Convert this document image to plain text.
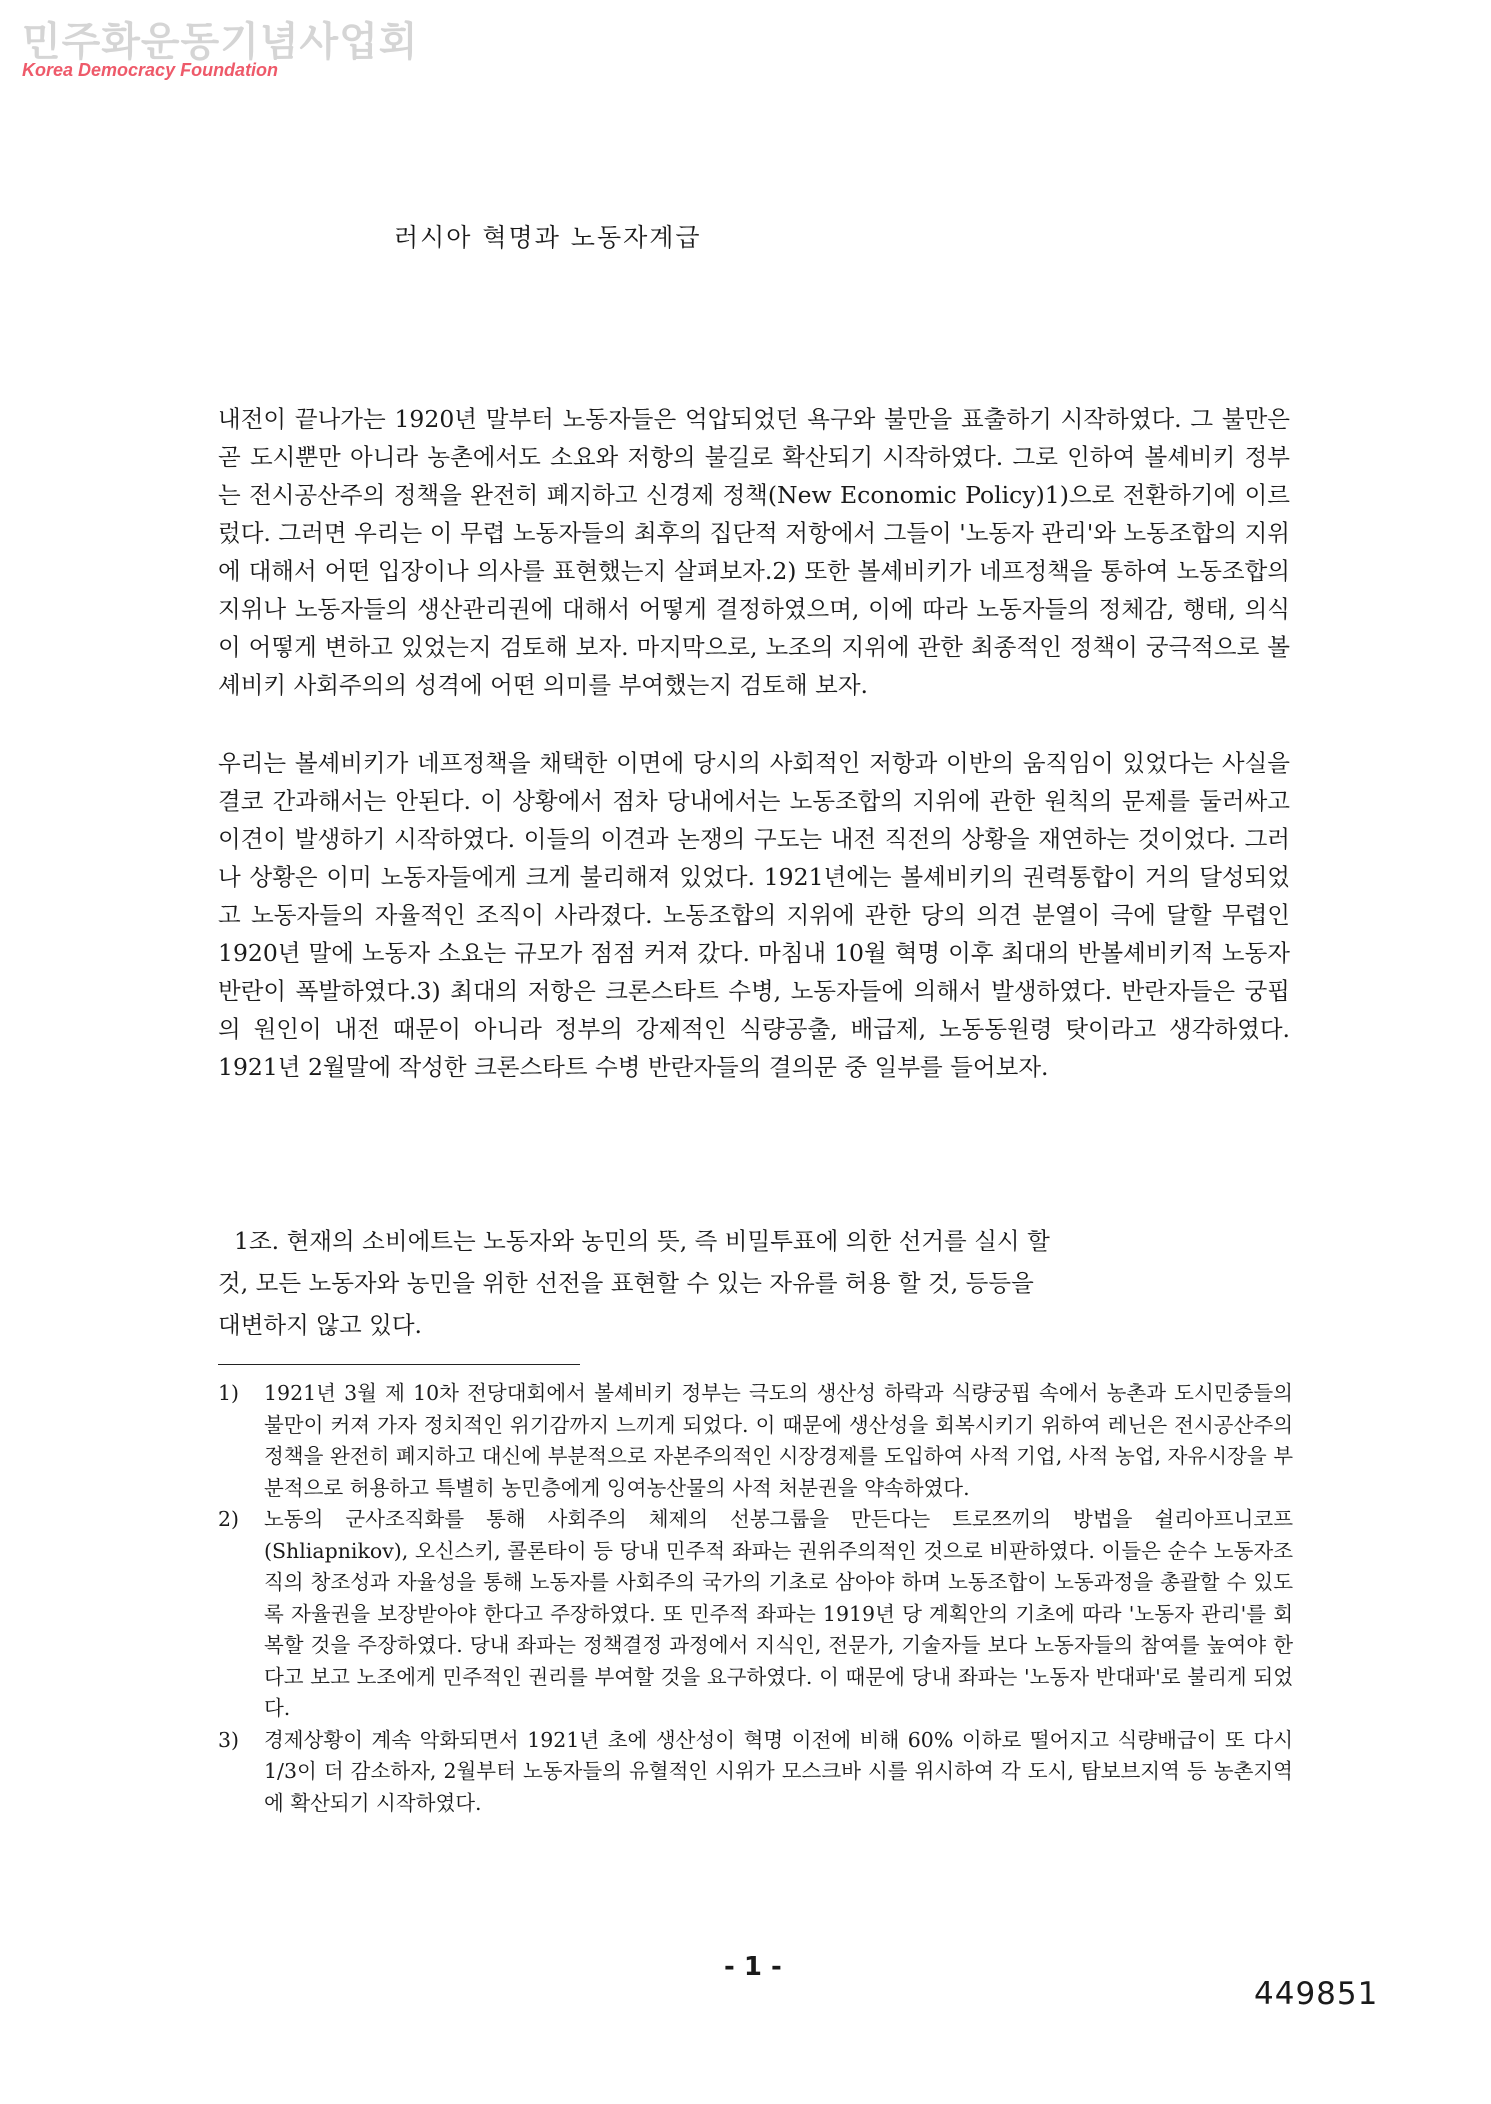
민주화운동기념사업회
Korea Democracy Foundation
러시아 혁명과 노동자계급

내전이 끝나가는 1920년 말부터 노동자들은 억압되었던 욕구와 불만을 표출하기 시작하였다. 그 불만은 곧 도시뿐만 아니라 농촌에서도 소요와 저항의 불길로 확산되기 시작하였다. 그로 인하여 볼셰비키 정부는 전시공산주의 정책을 완전히 폐지하고 신경제 정책(New Economic Policy)1)으로 전환하기에 이르렀다. 그러면 우리는 이 무렵 노동자들의 최후의 집단적 저항에서 그들이 '노동자 관리'와 노동조합의 지위에 대해서 어떤 입장이나 의사를 표현했는지 살펴보자.2) 또한 볼셰비키가 네프정책을 통하여 노동조합의 지위나 노동자들의 생산관리권에 대해서 어떻게 결정하였으며, 이에 따라 노동자들의 정체감, 행태, 의식이 어떻게 변하고 있었는지 검토해 보자. 마지막으로, 노조의 지위에 관한 최종적인 정책이 궁극적으로 볼셰비키 사회주의의 성격에 어떤 의미를 부여했는지 검토해 보자.

우리는 볼셰비키가 네프정책을 채택한 이면에 당시의 사회적인 저항과 이반의 움직임이 있었다는 사실을 결코 간과해서는 안된다. 이 상황에서 점차 당내에서는 노동조합의 지위에 관한 원칙의 문제를 둘러싸고 이견이 발생하기 시작하였다. 이들의 이견과 논쟁의 구도는 내전 직전의 상황을 재연하는 것이었다. 그러나 상황은 이미 노동자들에게 크게 불리해져 있었다. 1921년에는 볼셰비키의 권력통합이 거의 달성되었고 노동자들의 자율적인 조직이 사라졌다. 노동조합의 지위에 관한 당의 의견 분열이 극에 달할 무렵인 1920년 말에 노동자 소요는 규모가 점점 커져 갔다. 마침내 10월 혁명 이후 최대의 반볼셰비키적 노동자 반란이 폭발하였다.3) 최대의 저항은 크론스타트 수병, 노동자들에 의해서 발생하였다. 반란자들은 궁핍의 원인이 내전 때문이 아니라 정부의 강제적인 식량공출, 배급제, 노동동원령 탓이라고 생각하였다. 1921년 2월말에 작성한 크론스타트 수병 반란자들의 결의문 중 일부를 들어보자.

1조. 현재의 소비에트는 노동자와 농민의 뜻, 즉 비밀투표에 의한 선거를 실시 할
것, 모든 노동자와 농민을 위한 선전을 표현할 수 있는 자유를 허용 할 것, 등등을
대변하지 않고 있다.
1) 1921년 3월 제 10차 전당대회에서 볼셰비키 정부는 극도의 생산성 하락과 식량궁핍 속에서 농촌과 도시민중들의 불만이 커져 가자 정치적인 위기감까지 느끼게 되었다. 이 때문에 생산성을 회복시키기 위하여 레닌은 전시공산주의 정책을 완전히 폐지하고 대신에 부분적으로 자본주의적인 시장경제를 도입하여 사적 기업, 사적 농업, 자유시장을 부분적으로 허용하고 특별히 농민층에게 잉여농산물의 사적 처분권을 약속하였다.
2) 노동의 군사조직화를 통해 사회주의 체제의 선봉그룹을 만든다는 트로쯔끼의 방법을 쉴리아프니코프(Shliapnikov), 오신스키, 콜론타이 등 당내 민주적 좌파는 권위주의적인 것으로 비판하였다. 이들은 순수 노동자조직의 창조성과 자율성을 통해 노동자를 사회주의 국가의 기초로 삼아야 하며 노동조합이 노동과정을 총괄할 수 있도록 자율권을 보장받아야 한다고 주장하였다. 또 민주적 좌파는 1919년 당 계획안의 기초에 따라 '노동자 관리'를 회복할 것을 주장하였다. 당내 좌파는 정책결정 과정에서 지식인, 전문가, 기술자들 보다 노동자들의 참여를 높여야 한다고 보고 노조에게 민주적인 권리를 부여할 것을 요구하였다. 이 때문에 당내 좌파는 '노동자 반대파'로 불리게 되었다.
3) 경제상황이 계속 악화되면서 1921년 초에 생산성이 혁명 이전에 비해 60% 이하로 떨어지고 식량배급이 또 다시 1/3이 더 감소하자, 2월부터 노동자들의 유혈적인 시위가 모스크바 시를 위시하여 각 도시, 탐보브지역 등 농촌지역에 확산되기 시작하였다.
- 1 -
449851
